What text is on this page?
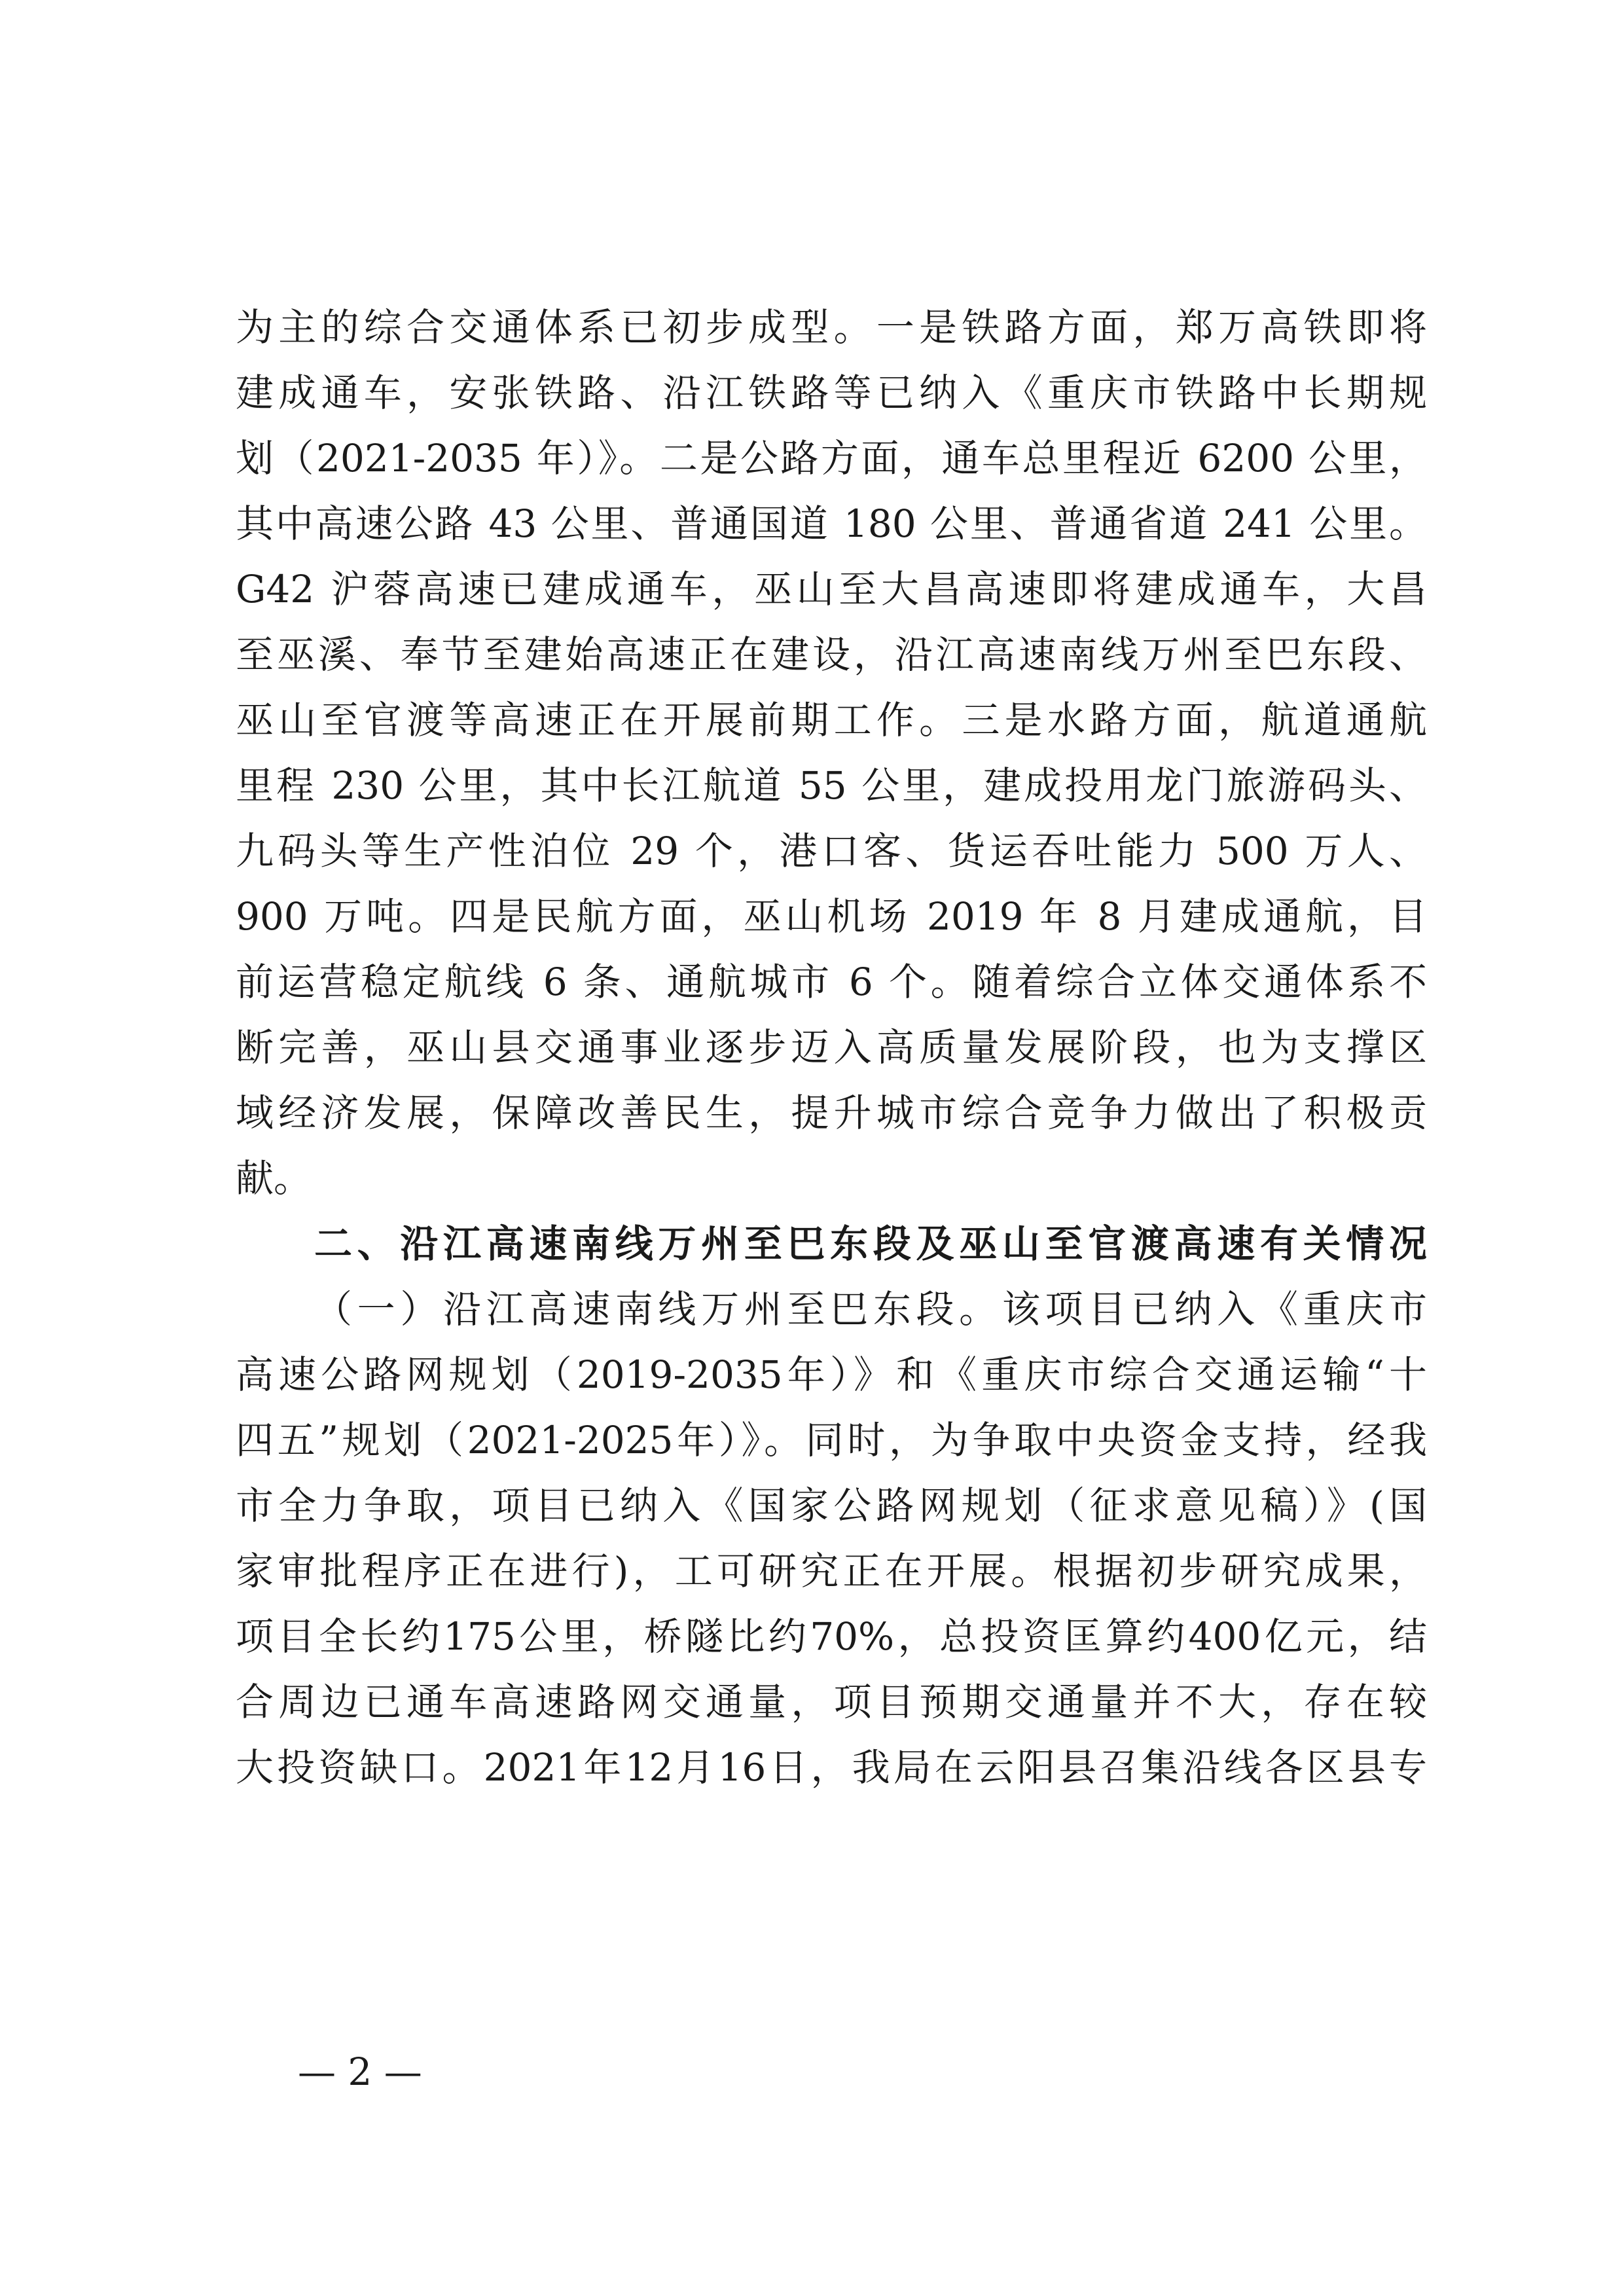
为主的综合交通体系已初步成型。一是铁路方面，郑万高铁即将
建成通车，安张铁路、沿江铁路等已纳入《重庆市铁路中长期规
划（2021-2035 年）》。二是公路方面，通车总里程近 6200 公里，
其中高速公路 43 公里、普通国道 180 公里、普通省道 241 公里。
G42 沪蓉高速已建成通车，巫山至大昌高速即将建成通车，大昌
至巫溪、奉节至建始高速正在建设，沿江高速南线万州至巴东段、
巫山至官渡等高速正在开展前期工作。三是水路方面，航道通航
里程 230 公里，其中长江航道 55 公里，建成投用龙门旅游码头、
九码头等生产性泊位 29 个，港口客、货运吞吐能力 500 万人、
900 万吨。四是民航方面，巫山机场 2019 年 8 月建成通航，目
前运营稳定航线 6 条、通航城市 6 个。随着综合立体交通体系不
断完善，巫山县交通事业逐步迈入高质量发展阶段，也为支撑区
域经济发展，保障改善民生，提升城市综合竞争力做出了积极贡
献。
二、沿江高速南线万州至巴东段及巫山至官渡高速有关情况
（一）沿江高速南线万州至巴东段。该项目已纳入《重庆市
高速公路网规划（2019-2035年）》和《重庆市综合交通运输“十
四五”规划（2021-2025年）》。同时，为争取中央资金支持，经我
市全力争取，项目已纳入《国家公路网规划（征求意见稿）》(国
家审批程序正在进行)，工可研究正在开展。根据初步研究成果，
项目全长约175公里，桥隧比约70%，总投资匡算约400亿元，结
合周边已通车高速路网交通量，项目预期交通量并不大，存在较
大投资缺口。2021年12月16日，我局在云阳县召集沿线各区县专
— 2 —
